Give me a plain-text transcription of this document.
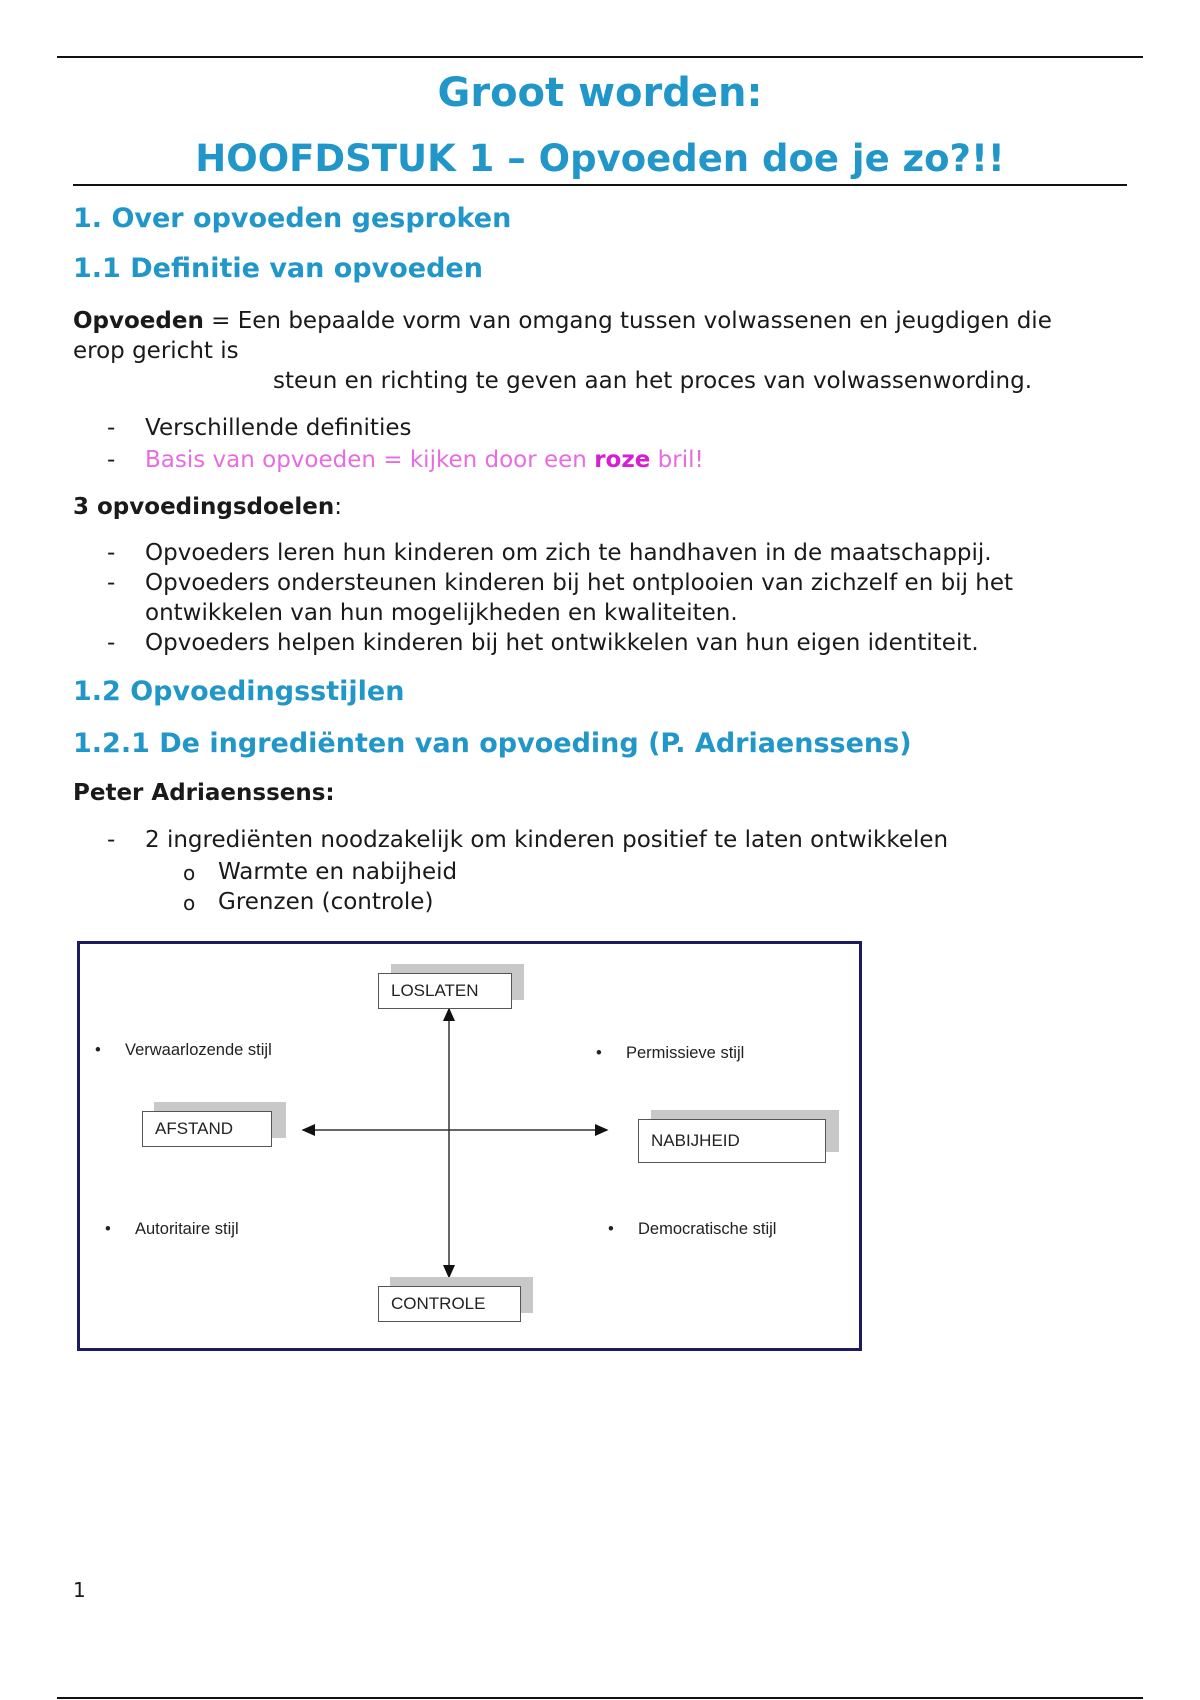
Groot worden:
HOOFDSTUK 1 – Opvoeden doe je zo?!!
1. Over opvoeden gesproken
1.1 Definitie van opvoeden
Opvoeden = Een bepaalde vorm van omgang tussen volwassenen en jeugdigen die
erop gericht is
steun en richting te geven aan het proces van volwassenwording.
-	Verschillende definities
-	Basis van opvoeden = kijken door een roze bril!
3 opvoedingsdoelen:
-	Opvoeders leren hun kinderen om zich te handhaven in de maatschappij.
-	Opvoeders ondersteunen kinderen bij het ontplooien van zichzelf en bij het
ontwikkelen van hun mogelijkheden en kwaliteiten.
-	Opvoeders helpen kinderen bij het ontwikkelen van hun eigen identiteit.
1.2 Opvoedingsstijlen
1.2.1 De ingrediënten van opvoeding (P. Adriaenssens)
Peter Adriaenssens:
-	2 ingrediënten noodzakelijk om kinderen positief te laten ontwikkelen
o Warmte en nabijheid
o Grenzen (controle)
LOSLATEN
AFSTAND
NABIJHEID
CONTROLE
• Verwaarlozende stijl	• Permissieve stijl
• Autoritaire stijl	• Democratische stijl
1
